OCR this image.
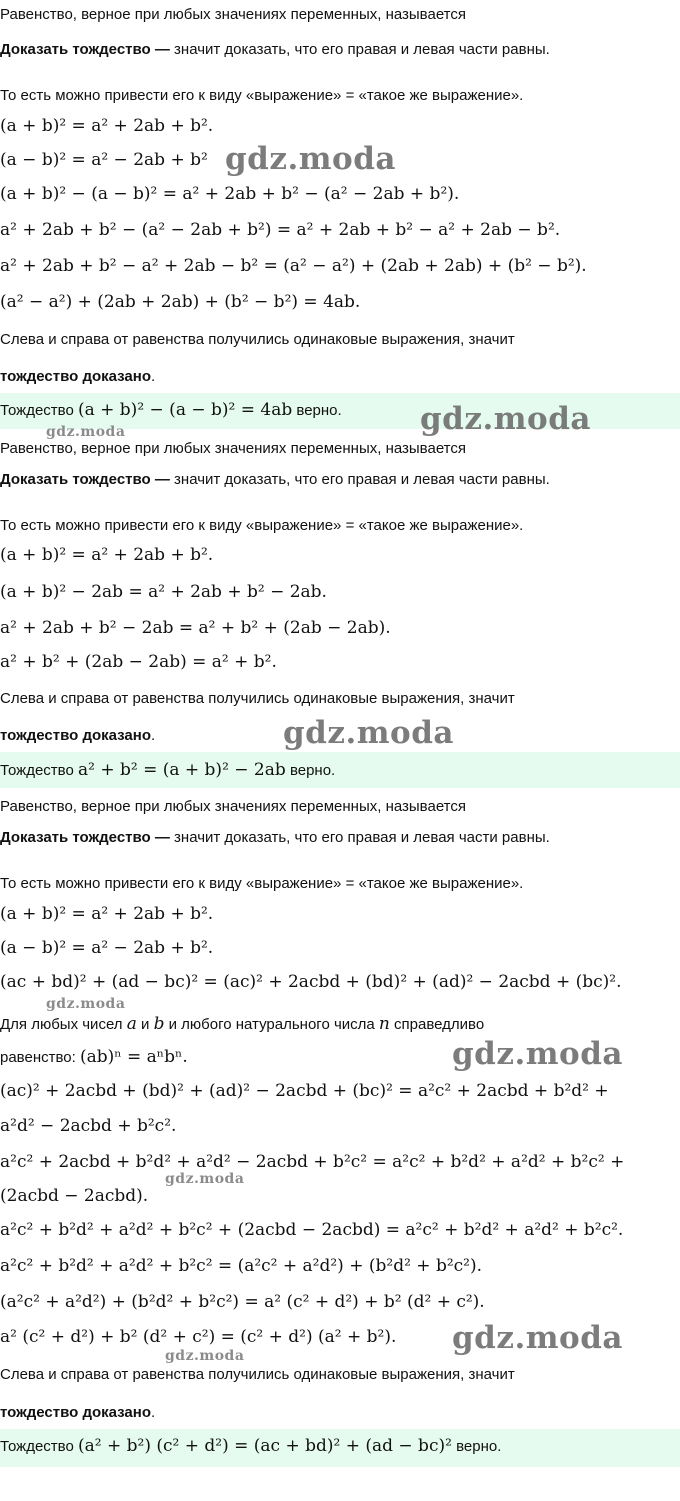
Равенство, верное при любых значениях переменных, называется
Доказать тождество — значит доказать, что его правая и левая части равны.
То есть можно привести его к виду «выражение» = «такое же выражение».
(a + b)² = a² + 2ab + b².
(a − b)² = a² − 2ab + b²
(a + b)² − (a − b)² = a² + 2ab + b² − (a² − 2ab + b²).
a² + 2ab + b² − (a² − 2ab + b²) = a² + 2ab + b² − a² + 2ab − b².
a² + 2ab + b² − a² + 2ab − b² = (a² − a²) + (2ab + 2ab) + (b² − b²).
(a² − a²) + (2ab + 2ab) + (b² − b²) = 4ab.
Слева и справа от равенства получились одинаковые выражения, значит
тождество доказано.
Тождество (a + b)² − (a − b)² = 4ab верно.
Равенство, верное при любых значениях переменных, называется
Доказать тождество — значит доказать, что его правая и левая части равны.
То есть можно привести его к виду «выражение» = «такое же выражение».
(a + b)² = a² + 2ab + b².
(a + b)² − 2ab = a² + 2ab + b² − 2ab.
a² + 2ab + b² − 2ab = a² + b² + (2ab − 2ab).
a² + b² + (2ab − 2ab) = a² + b².
Слева и справа от равенства получились одинаковые выражения, значит
тождество доказано.
Тождество a² + b² = (a + b)² − 2ab верно.
Равенство, верное при любых значениях переменных, называется
Доказать тождество — значит доказать, что его правая и левая части равны.
То есть можно привести его к виду «выражение» = «такое же выражение».
(a + b)² = a² + 2ab + b².
(a − b)² = a² − 2ab + b².
(ac + bd)² + (ad − bc)² = (ac)² + 2acbd + (bd)² + (ad)² − 2acbd + (bc)².
Для любых чисел a и b и любого натурального числа n справедливо
равенство: (ab)ⁿ = aⁿbⁿ.
(ac)² + 2acbd + (bd)² + (ad)² − 2acbd + (bc)² = a²c² + 2acbd + b²d² +
a²d² − 2acbd + b²c².
a²c² + 2acbd + b²d² + a²d² − 2acbd + b²c² = a²c² + b²d² + a²d² + b²c² +
(2acbd − 2acbd).
a²c² + b²d² + a²d² + b²c² + (2acbd − 2acbd) = a²c² + b²d² + a²d² + b²c².
a²c² + b²d² + a²d² + b²c² = (a²c² + a²d²) + (b²d² + b²c²).
(a²c² + a²d²) + (b²d² + b²c²) = a² (c² + d²) + b² (d² + c²).
a² (c² + d²) + b² (d² + c²) = (c² + d²) (a² + b²).
Слева и справа от равенства получились одинаковые выражения, значит
тождество доказано.
Тождество (a² + b²) (c² + d²) = (ac + bd)² + (ad − bc)² верно.
gdz.moda
gdz.moda
gdz.moda
gdz.moda
gdz.moda
gdz.moda
gdz.moda
gdz.moda
gdz.moda
